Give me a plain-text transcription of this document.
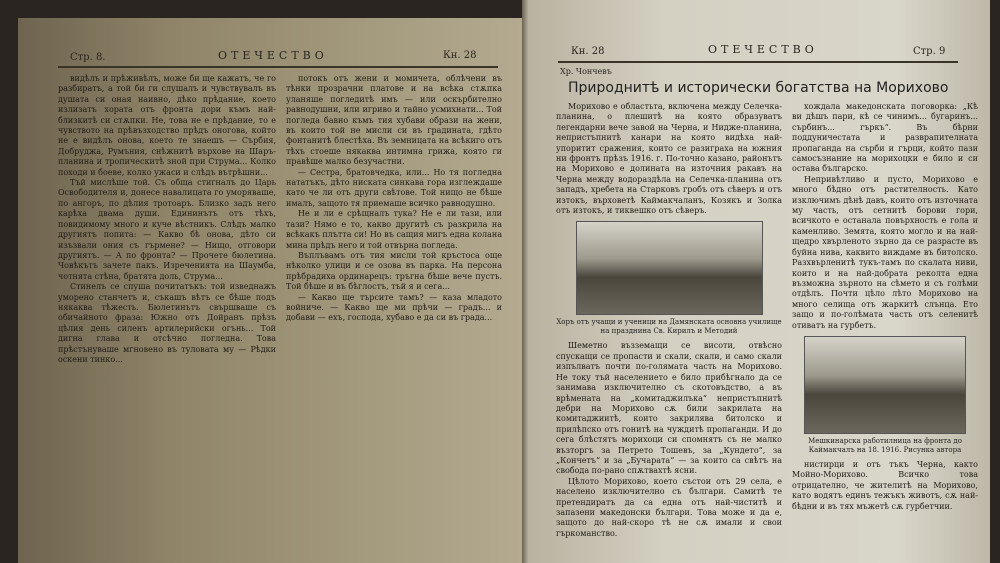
Стр. 8.	ОТЕЧЕСТВО	Кн. 28

видѣлъ и прѣживѣлъ, може би ще кажатъ, че го разбиратъ, а той би ги слушалъ и чувствувалъ въ душата си оная наивно, дѣко прѣдание, което излизатъ хората отъ фронта дори къмъ най-близкитѣ си стѫпки. Не, това не е прѣдание, то е чувството на прѣвъзходство прѣдъ оногова, който не е видѣлъ онова, което те знаешъ — Сърбия, Добруджа, Румъния, снѣжнитѣ върхове на Шаръ-планина и тропическитѣ зной при Струма... Колко походи и боеве, колко ужаси и слѣдъ вътрѣшни...

Тъй мислѣше той. Съ обща стигналъ до Царь Освободителя и, донесе навалицата го уморяваше, по ангоръ, по дѣлия тротоаръ. Близко задъ него карѣха двама души. Едининътъ отъ тѣхъ, повидимому много и куче вѣстникъ. Слѣдъ малко другиятъ попита: — Какво бѣ онова, дѣто си изъзвали ония съ гърмене? — Нищо, отговори другиятъ. — А по фронта? — Прочете бюлетина. Човѣкътъ зачете пакъ. Изреченията на Шаумба, чотнята стѣна, братята доль, Струма...

Стинелъ се спуша почитатъкъ: той изведнажъ уморено станчетъ и, съкашъ вѣтъ се бѣше подъ някаква тѣжесть. Бюлетинътъ свършваше съ обичайното фраза: Южно отъ Дойранъ прѣзъ цѣлия день силенъ артилерийски огънь... Той дигна глава и отсѣчно погледна. Това прѣстънуваше мгновено въ туловата му — Рѣдки оскени тинко...

потокъ отъ жени и момичета, облѣчени въ тѣнки прозрачни платове и на всѣка стѫпка уланяше погледитѣ имъ — или оскърбително равнодушни, или игриво и тайно усмихнати... Той погледа бавно къмъ тия хубави образи на жени, въ които той не мисли си въ градината, гдѣто фонтанитѣ блестѣха. Въ земницата на всѣкиго отъ тѣхъ стоеше някаква интимна грижа, която ги правѣше малко безучастни.

— Сестра, братовчедка, или... Но тя погледна нататъкъ, дѣто ниската синкава гора изглеждаше като че ли отъ други свѣтове. Той нищо не бѣше ималъ, защото тя приемаше всичко равнодушно.

Не и ли е срѣщналъ тука? Не е ли тази, или тази? Нямо е то, какво другитѣ съ разкрила на всѣкакъ плътта си! Но въ сащия мигъ една колана мина прѣдъ него и той отвърна погледа.

Въплъвамъ отъ тия мисли той кръстоса още нѣколко улици и се озова въ парка. На персона прѣбрадиха ординарецъ: тръгна бѣше вече пустъ. Той бѣше и въ бѣглостъ, тъй я и сега...

— Какво ще търсите тамъ? — каза младото войниче. — Какво ще ми прѣчи — градъ... и добави — ехъ, господа, хубаво е да си въ града...

Кн. 28	ОТЕЧЕСТВО	Стр. 9
Хр. Чончевъ
Природнитѣ и исторически богатства на Морихово

Морихово е областьта, включена между Селечка-планина, о плешитѣ на която образуватъ легендарни вече завой на Черна, и Нидже-планина, непристъпнитѣ канари на която видѣха най-упоритит сражения, които се разиграха на южния ни фронтъ прѣзъ 1916. г. По-точно казано, районътъ на Морихово е долината на източния ракавъ на Черна между водораздѣла на Селечка-планина отъ западъ, хребета на Старковъ гробъ отъ сѣверъ и отъ изтокъ, върховетѣ Каймакчаланъ, Козякъ и Золка отъ изтокъ, и тиквешко отъ сѣверъ.

Хоръ отъ учащи и ученици на Дамянската основна училище на празднина Св. Кирилъ и Методий

Шеметно възземащи се висоти, отвѣсно спускащи се пропасти и скали, скали, и само скали изпълватъ почти по-голямата часть на Морихово. Не току тъй населението е било прибѣгнало да се занимава изключително съ скотовъдство, а въ врѣмената на „комитаджилъка“ непристъпнитѣ дебри на Морихово сѫ били закрилата на комитаджиитѣ, които закрилява битолско и прилѣпско отъ гонитѣ на чуждитѣ пропаганди. И до сега блѣстятъ морихоци си спомнятъ съ не малко възторгъ за Петрето Тошевъ, за „Кундето“, за „Кончетъ“ и за „Бучарата“ — за които са свѣтъ на свобода по-рано спѫтвахтѣ ясни.

Цѣлото Морихово, което състои отъ 29 села, е населено изключително съ българи. Самитѣ те претендиратъ да са една отъ най-чиститѣ и запазени македонски българи. Това може и да е, защото до най-скоро тѣ не сѫ имали и свои гъркоманство.

хождала македонската поговорка: „Кѣ ви дѣшъ пари, кѣ се чинимъ... бугаринъ... сърбинъ... гъркъ“. Въ бѣрни поддуничестата и разврапителната пропаганда на сърби и гърци, който пази самосъзнание на морихоцки е било и си остава българско.

Непривѣтливо и пусто, Морихово е много бѣдно отъ растителность. Като изключимъ дѣнѣ давъ, които отъ източнатa му часть, отъ сетнитѣ борови гори, всичкото е останала повърхность е гола и каменливо. Земята, която могло и на най-щедро хвърленото зърно да се разрасте въ буйна нива, каквито виждаме въ битолско. Разхвърленитѣ тукъ-тамъ по скалата ниви, които и на най-добрата реколта една възможна зърното на сѣмето и съ голѣми отдѣлъ. Почти цѣло лѣто Морихово на много селища отъ жаркитѣ слънца. Ето защо и по-голѣмата часть отъ селенитѣ отиватъ на гурбетъ.

Мешкинарска работилница на фронта до Каймакчалъ на 18. 1916. Рисунка автора

нистирци и отъ тъкъ Черна, както Мойно-Морихово. Всичко това отрицателно, че жителитѣ на Морихово, като водятъ единъ тежъкъ животъ, сѫ най-бѣдни и въ тях мъжетѣ сѫ гурбетчии.
